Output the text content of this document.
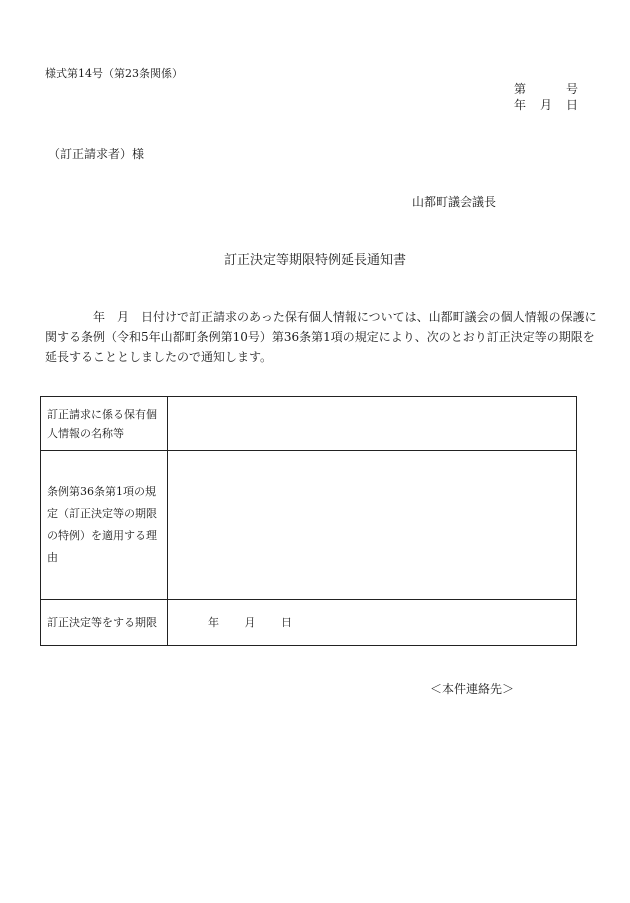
様式第14号（第23条関係）
第	号
年 月 日
（訂正請求者）様
山都町議会議長
訂正決定等期限特例延長通知書
年　月　日付けで訂正請求のあった保有個人情報については、山都町議会の個人情報の保護に
関する条例（令和5年山都町条例第10号）第36条第1項の規定により、次のとおり訂正決定等の期限を
延長することとしましたので通知します。
訂正請求に係る保有個人情報の名称等	
条例第36条第1項の規定（訂正決定等の期限の特例）を適用する理由	
訂正決定等をする期限	年 月 日
＜本件連絡先＞
